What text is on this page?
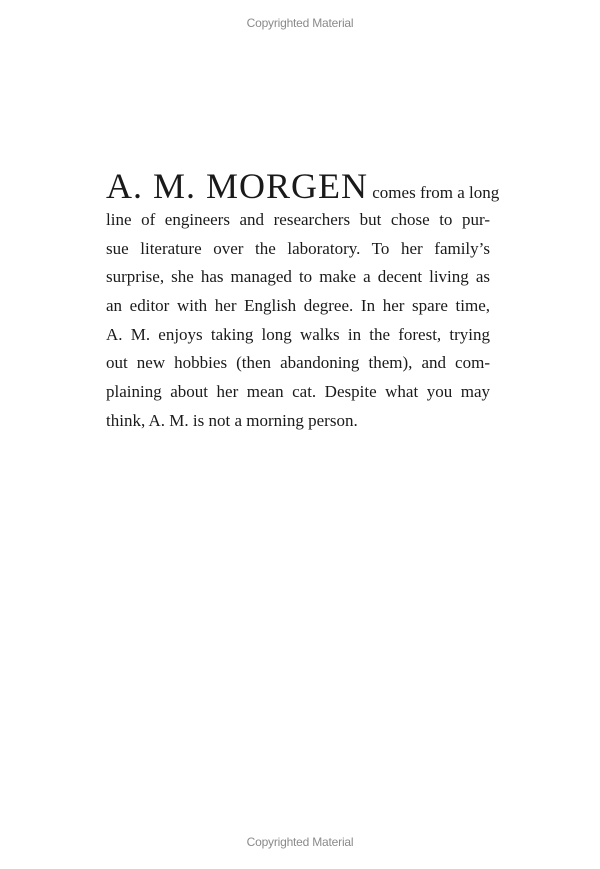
Copyrighted Material
A. M. MORGEN comes from a long
line of engineers and researchers but chose to pur-
sue literature over the laboratory. To her family’s
surprise, she has managed to make a decent living as
an editor with her English degree. In her spare time,
A. M. enjoys taking long walks in the forest, trying
out new hobbies (then abandoning them), and com-
plaining about her mean cat. Despite what you may
think, A. M. is not a morning person.
Copyrighted Material
